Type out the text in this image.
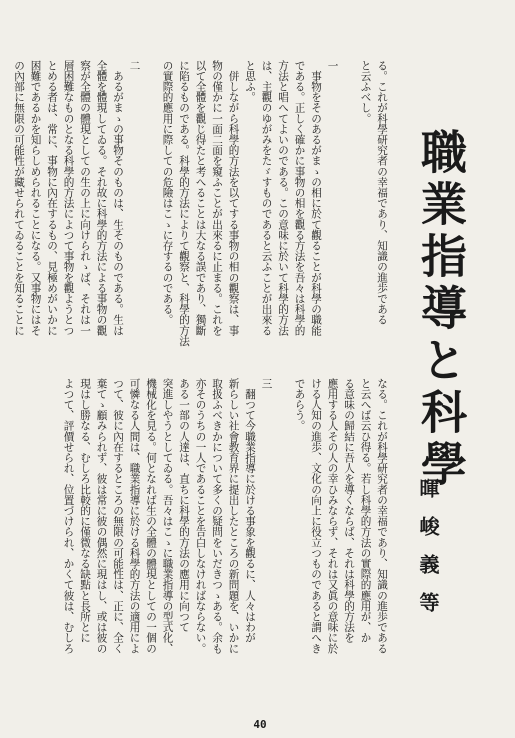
職業指導と科學
暉峻義等
る。これが科學研究者の幸福であり、知識の進歩である
と云ふべし。

一
　事物をそのあるがまゝの相に於て觀ることが科學の職能
である。正しく確かに事物の相を觀る方法を吾々は科學的
方法と唱へてよいのである。この意味に於いて科學的方法
は、主觀のゆがみをたゞすものであると云ふことが出來る
と思ふ。
　併しながら科學的方法を以てする事物の相の觀察は、事
物の僅かに一面二面を窺ふことが出來るに止まる。これを
以て全體を觀じ得たと考へることは大なる誤であり、獨斷
に陷るものである。科學的方法によりて觀察と、科學的方法
の實際的應用に際しての危險はこゝに存するのである。

二
　あるがまゝの事物そのものは、生そのものである。生は
全體を體現してゐる。それ故に科學的方法による事物の觀
察が全體の體現としての生の上に向けられゝば、それは一
層困難なものとなる科學的方法によつて事物を觀ようとつ
とめる者は、常に、事物に內在するもの、見極めがいかに
困難であるかを知らしめられることになる。又事物にはそ
の內部に無限の可能性が藏せられてゐることを知ることに
なる。これが科學研究者の幸福であり、知識の進歩である
と云へば云ひ得る。若し科學的方法の實際的應用が、か
る意味の歸結に吾人を導くならば、それは科學的方法を
應用する人その人の幸ひみならず、それは又眞の意味に於
ける人知の進歩、文化の向上に役立つものであると謂へき
であらう。

三
　翻つて今職業指導に於ける事象を觀るに、人々はわが
新らしい社會教育界に提出したところの新問題を、いかに
取扱ふべきかについて多くの疑問をいだきつゝある。余も
亦そのうちの一人であることを告白しなければならない。
ある一部の人達は、直ちに科學的方法の應用に向つて
突進しやうとしてゐる。吾々はこゝに職業指導の型式化、
機械化を見る。何となれば生の全體の體現としての一個の
可憐なる人間は、職業指導に於ける科學的方法の適用によ
つて、彼に內在するところの無限の可能性は、正に、全く
棄てゝ顧みられず、彼は常に彼の偶然に現はし、或は彼の
現はし勝なる、むしろ比較的に僅微なる缺點と長所とに
よつて、評價せられ、位置づけられ、かくて彼は、むしろ
40
